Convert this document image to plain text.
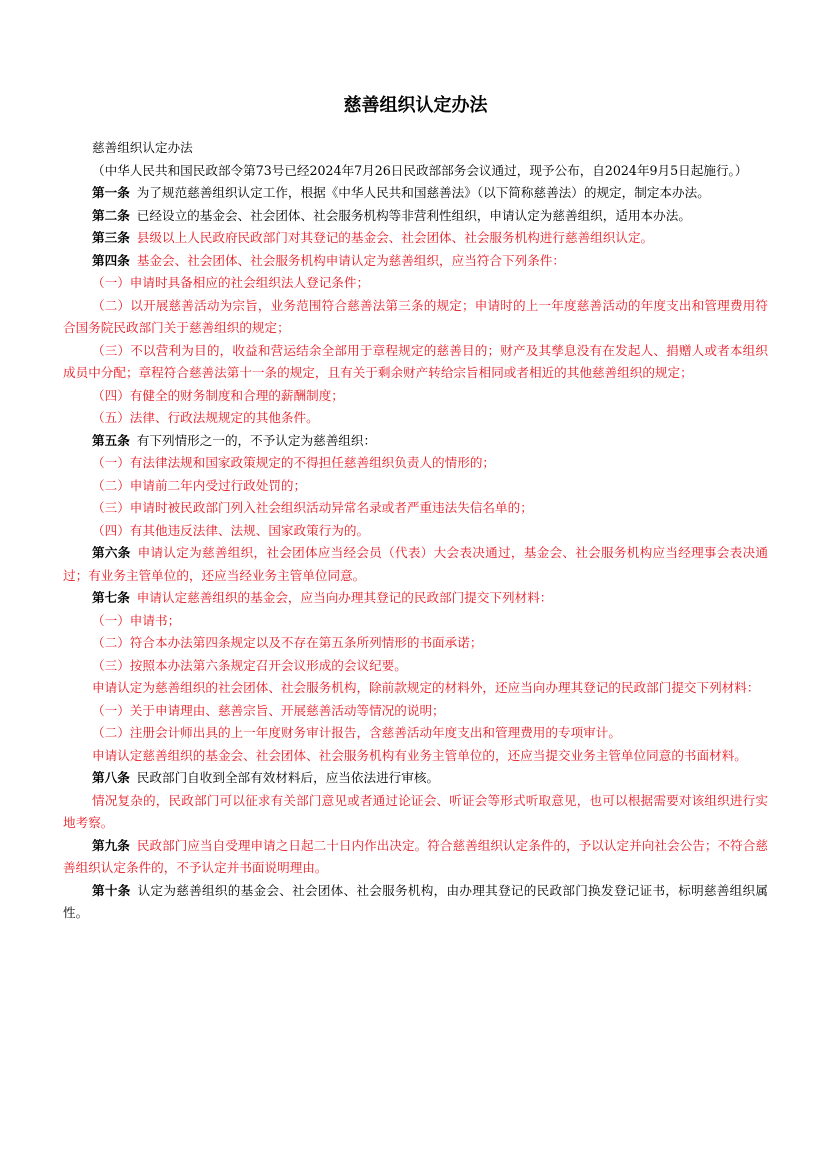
慈善组织认定办法

慈善组织认定办法

（中华人民共和国民政部令第73号已经2024年7月26日民政部部务会议通过，现予公布，自2024年9月5日起施行。）

第一条 为了规范慈善组织认定工作，根据《中华人民共和国慈善法》（以下简称慈善法）的规定，制定本办法。

第二条 已经设立的基金会、社会团体、社会服务机构等非营利性组织，申请认定为慈善组织，适用本办法。

第三条 县级以上人民政府民政部门对其登记的基金会、社会团体、社会服务机构进行慈善组织认定。

第四条 基金会、社会团体、社会服务机构申请认定为慈善组织，应当符合下列条件：

（一）申请时具备相应的社会组织法人登记条件；

（二）以开展慈善活动为宗旨，业务范围符合慈善法第三条的规定；申请时的上一年度慈善活动的年度支出和管理费用符合国务院民政部门关于慈善组织的规定；

（三）不以营利为目的，收益和营运结余全部用于章程规定的慈善目的；财产及其孳息没有在发起人、捐赠人或者本组织成员中分配；章程符合慈善法第十一条的规定，且有关于剩余财产转给宗旨相同或者相近的其他慈善组织的规定；

（四）有健全的财务制度和合理的薪酬制度；

（五）法律、行政法规规定的其他条件。

第五条 有下列情形之一的，不予认定为慈善组织：

（一）有法律法规和国家政策规定的不得担任慈善组织负责人的情形的；

（二）申请前二年内受过行政处罚的；

（三）申请时被民政部门列入社会组织活动异常名录或者严重违法失信名单的；

（四）有其他违反法律、法规、国家政策行为的。

第六条 申请认定为慈善组织，社会团体应当经会员（代表）大会表决通过，基金会、社会服务机构应当经理事会表决通过；有业务主管单位的，还应当经业务主管单位同意。

第七条 申请认定慈善组织的基金会，应当向办理其登记的民政部门提交下列材料：

（一）申请书；

（二）符合本办法第四条规定以及不存在第五条所列情形的书面承诺；

（三）按照本办法第六条规定召开会议形成的会议纪要。

申请认定为慈善组织的社会团体、社会服务机构，除前款规定的材料外，还应当向办理其登记的民政部门提交下列材料：

（一）关于申请理由、慈善宗旨、开展慈善活动等情况的说明；

（二）注册会计师出具的上一年度财务审计报告，含慈善活动年度支出和管理费用的专项审计。

申请认定慈善组织的基金会、社会团体、社会服务机构有业务主管单位的，还应当提交业务主管单位同意的书面材料。

第八条 民政部门自收到全部有效材料后，应当依法进行审核。

情况复杂的，民政部门可以征求有关部门意见或者通过论证会、听证会等形式听取意见，也可以根据需要对该组织进行实地考察。

第九条 民政部门应当自受理申请之日起二十日内作出决定。符合慈善组织认定条件的，予以认定并向社会公告；不符合慈善组织认定条件的，不予认定并书面说明理由。

第十条 认定为慈善组织的基金会、社会团体、社会服务机构，由办理其登记的民政部门换发登记证书，标明慈善组织属性。
